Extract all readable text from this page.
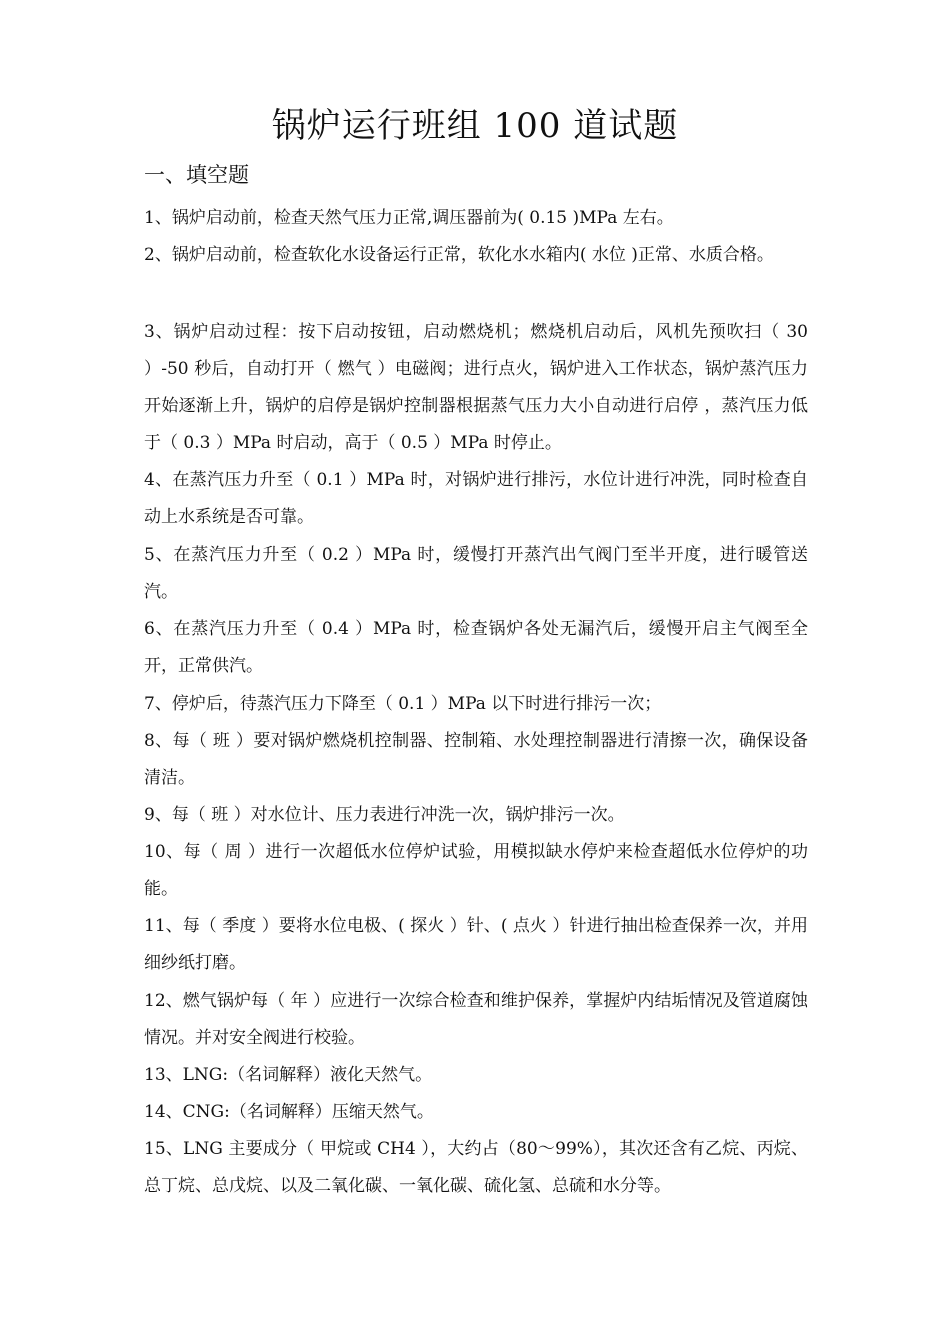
锅炉运行班组 100 道试题
一、填空题
1、锅炉启动前，检查天然气压力正常,调压器前为( 0.15 )MPa 左右。
2、锅炉启动前，检查软化水设备运行正常，软化水水箱内( 水位 )正常、水质合格。
3、锅炉启动过程：按下启动按钮，启动燃烧机；燃烧机启动后，风机先预吹扫（ 30 ）-50 秒后，自动打开（ 燃气 ）电磁阀；进行点火，锅炉进入工作状态，锅炉蒸汽压力开始逐渐上升，锅炉的启停是锅炉控制器根据蒸气压力大小自动进行启停 ，蒸汽压力低于（ 0.3 ）MPa 时启动，高于（ 0.5 ）MPa 时停止。
4、在蒸汽压力升至（ 0.1 ）MPa 时，对锅炉进行排污，水位计进行冲洗，同时检查自动上水系统是否可靠。
5、在蒸汽压力升至（ 0.2 ）MPa 时，缓慢打开蒸汽出气阀门至半开度，进行暖管送汽。
6、在蒸汽压力升至（ 0.4 ）MPa 时，检查锅炉各处无漏汽后，缓慢开启主气阀至全开，正常供汽。
7、停炉后，待蒸汽压力下降至（ 0.1 ）MPa 以下时进行排污一次；
8、每（ 班 ）要对锅炉燃烧机控制器、控制箱、水处理控制器进行清擦一次，确保设备清洁。
9、每（ 班 ）对水位计、压力表进行冲洗一次，锅炉排污一次。
10、每（ 周 ）进行一次超低水位停炉试验，用模拟缺水停炉来检查超低水位停炉的功能。
11、每（ 季度 ）要将水位电极、( 探火 ）针、( 点火 ）针进行抽出检查保养一次，并用细纱纸打磨。
12、燃气锅炉每（ 年 ）应进行一次综合检查和维护保养，掌握炉内结垢情况及管道腐蚀情况。并对安全阀进行校验。
13、LNG:（名词解释）液化天然气。
14、CNG:（名词解释）压缩天然气。
15、LNG 主要成分（ 甲烷或 CH4 ），大约占（80～99%），其次还含有乙烷、丙烷、总丁烷、总戊烷、以及二氧化碳、一氧化碳、硫化氢、总硫和水分等。
